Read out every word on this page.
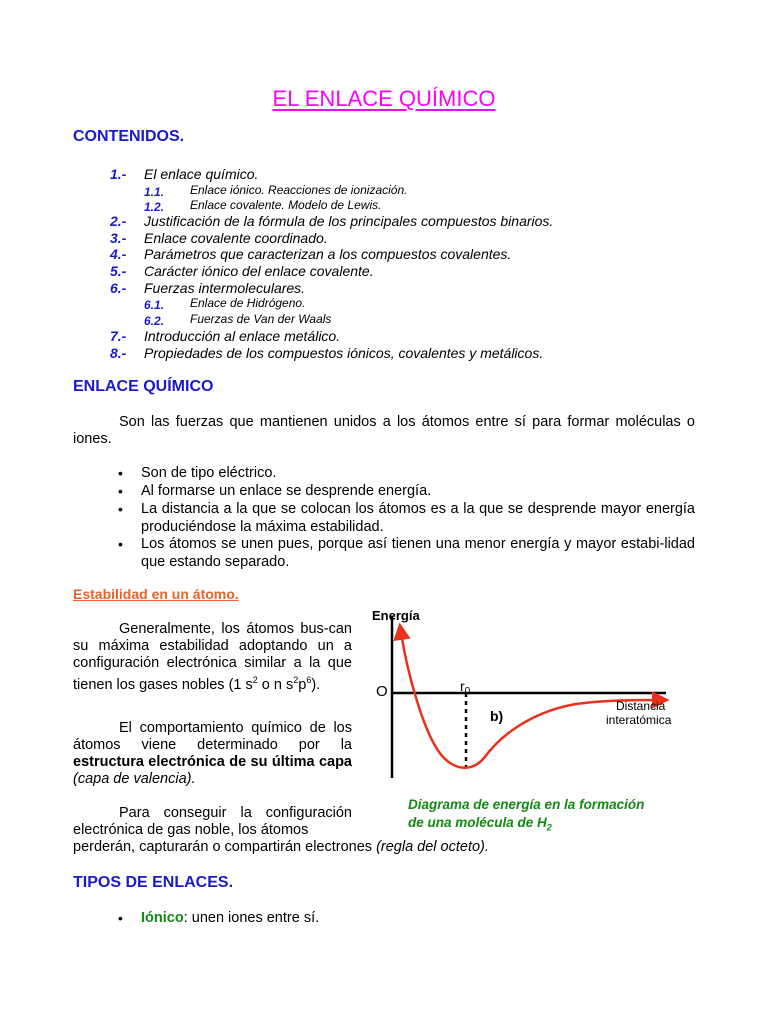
EL ENLACE QUÍMICO
CONTENIDOS.
1.- El enlace químico.
1.1. Enlace iónico. Reacciones de ionización.
1.2. Enlace covalente. Modelo de Lewis.
2.- Justificación de la fórmula de los principales compuestos binarios.
3.- Enlace covalente coordinado.
4.- Parámetros que caracterizan a los compuestos covalentes.
5.- Carácter iónico del enlace covalente.
6.- Fuerzas intermoleculares.
6.1. Enlace de Hidrógeno.
6.2. Fuerzas de Van der Waals
7.- Introducción al enlace metálico.
8.- Propiedades de los compuestos iónicos, covalentes y metálicos.
ENLACE QUÍMICO
Son las fuerzas que mantienen unidos a los átomos entre sí para formar moléculas o iones.
• Son de tipo eléctrico.
• Al formarse un enlace se desprende energía.
• La distancia a la que se colocan los átomos es a la que se desprende mayor energía produciéndose la máxima estabilidad.
• Los átomos se unen pues, porque así tienen una menor energía y mayor estabi-lidad que estando separado.
Estabilidad en un átomo.
Generalmente, los átomos bus-can su máxima estabilidad adoptando un a configuración electrónica similar a la que tienen los gases nobles (1 $s^2$ o n $s^2p^6$).
El comportamiento químico de los átomos viene determinado por la estructura electrónica de su última capa (capa de valencia).
Para conseguir la configuración electrónica de gas noble, los átomos
perderán, capturarán o compartirán electrones (regla del octeto).
Energía
O	$r_0$
b)
Distancia
interatómica
Diagrama de energía en la formación
de una molécula de $H_2$
TIPOS DE ENLACES.
• Iónico: unen iones entre sí.
